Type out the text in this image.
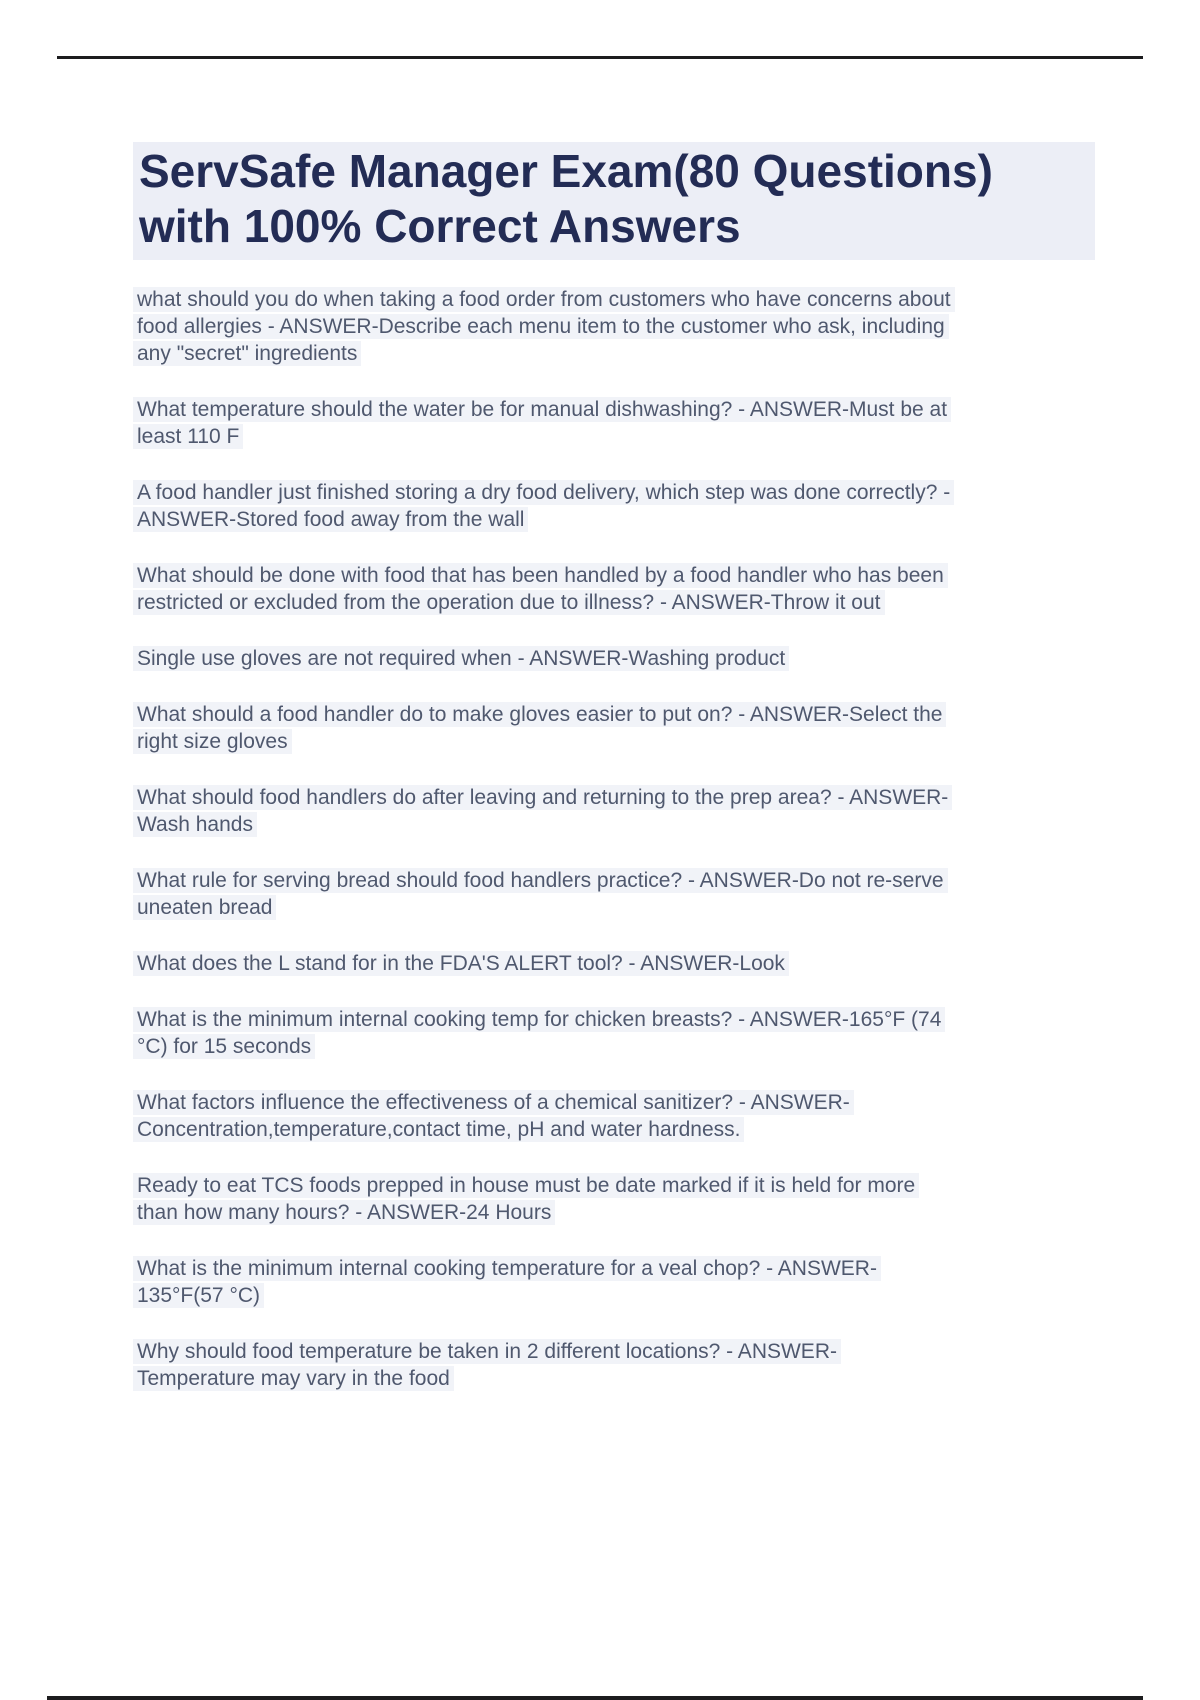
ServSafe Manager Exam(80 Questions)
with 100% Correct Answers

what should you do when taking a food order from customers who have concerns about
food allergies - ANSWER-Describe each menu item to the customer who ask, including
any "secret" ingredients

What temperature should the water be for manual dishwashing? - ANSWER-Must be at
least 110 F

A food handler just finished storing a dry food delivery, which step was done correctly? -
ANSWER-Stored food away from the wall

What should be done with food that has been handled by a food handler who has been
restricted or excluded from the operation due to illness? - ANSWER-Throw it out

Single use gloves are not required when - ANSWER-Washing product

What should a food handler do to make gloves easier to put on? - ANSWER-Select the
right size gloves

What should food handlers do after leaving and returning to the prep area? - ANSWER-
Wash hands

What rule for serving bread should food handlers practice? - ANSWER-Do not re-serve
uneaten bread

What does the L stand for in the FDA'S ALERT tool? - ANSWER-Look

What is the minimum internal cooking temp for chicken breasts? - ANSWER-165°F (74
°C) for 15 seconds

What factors influence the effectiveness of a chemical sanitizer? - ANSWER-
Concentration,temperature,contact time, pH and water hardness.

Ready to eat TCS foods prepped in house must be date marked if it is held for more
than how many hours? - ANSWER-24 Hours

What is the minimum internal cooking temperature for a veal chop? - ANSWER-
135°F(57 °C)

Why should food temperature be taken in 2 different locations? - ANSWER-
Temperature may vary in the food
